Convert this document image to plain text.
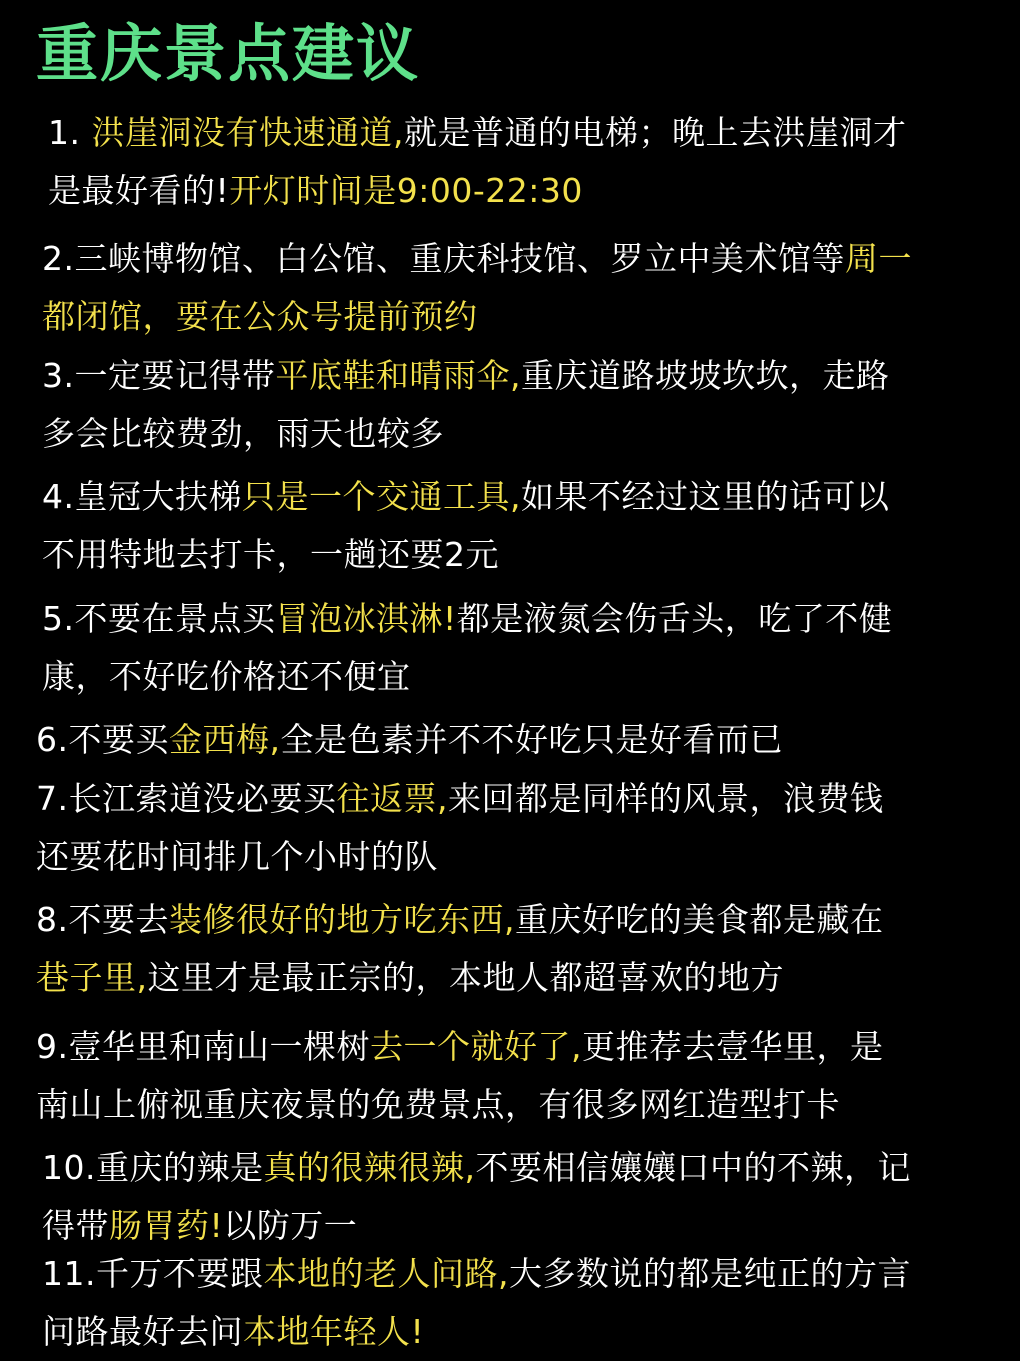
重庆景点建议
1. 洪崖洞没有快速通道,就是普通的电梯；晚上去洪崖洞才
是最好看的!开灯时间是9:00-22:30
2.三峡博物馆、白公馆、重庆科技馆、罗立中美术馆等周一
都闭馆，要在公众号提前预约
3.一定要记得带平底鞋和晴雨伞,重庆道路坡坡坎坎，走路
多会比较费劲，雨天也较多
4.皇冠大扶梯只是一个交通工具,如果不经过这里的话可以
不用特地去打卡，一趟还要2元
5.不要在景点买冒泡冰淇淋!都是液氮会伤舌头，吃了不健
康，不好吃价格还不便宜
6.不要买金西梅,全是色素并不不好吃只是好看而已
7.长江索道没必要买往返票,来回都是同样的风景，浪费钱
还要花时间排几个小时的队
8.不要去装修很好的地方吃东西,重庆好吃的美食都是藏在
巷子里,这里才是最正宗的，本地人都超喜欢的地方
9.壹华里和南山一棵树去一个就好了,更推荐去壹华里，是
南山上俯视重庆夜景的免费景点，有很多网红造型打卡
10.重庆的辣是真的很辣很辣,不要相信孃孃口中的不辣，记
得带肠胃药!以防万一
11.千万不要跟本地的老人问路,大多数说的都是纯正的方言
问路最好去问本地年轻人!
